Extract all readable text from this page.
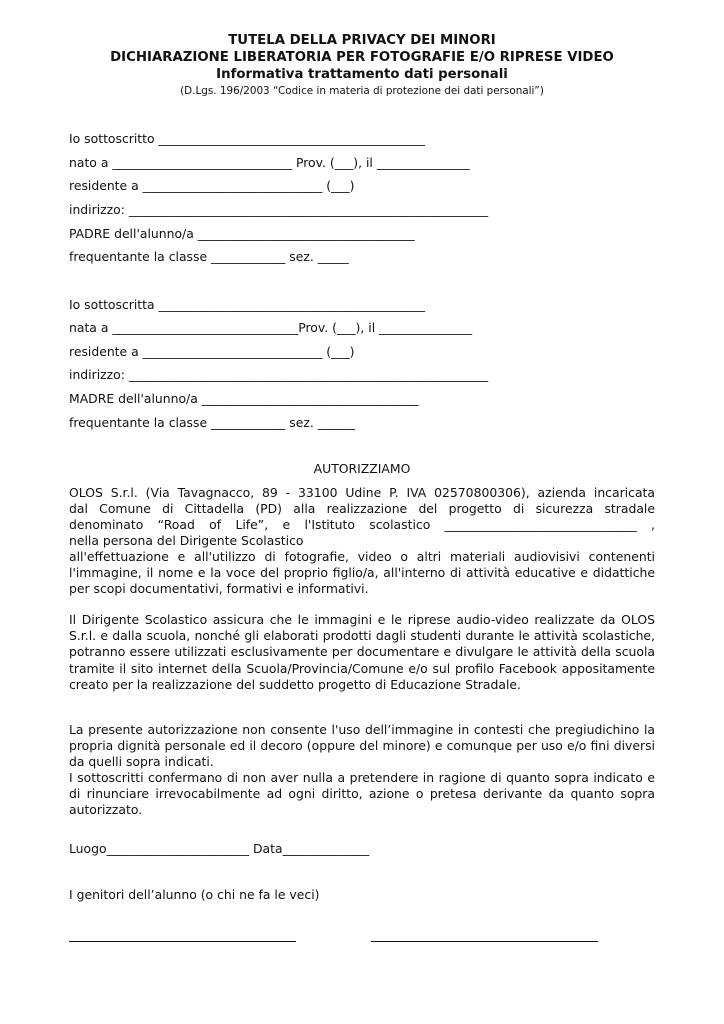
TUTELA DELLA PRIVACY DEI MINORI
DICHIARAZIONE LIBERATORIA PER FOTOGRAFIE E/O RIPRESE VIDEO
Informativa trattamento dati personali
(D.Lgs. 196/2003 “Codice in materia di protezione dei dati personali”)
Io sottoscritto ___________________________________________
nato a _____________________________ Prov. (___), il _______________
residente a _____________________________ (___)
indirizzo: __________________________________________________________
PADRE dell'alunno/a ___________________________________
frequentante la classe ____________ sez. _____
Io sottoscritta ___________________________________________
nata a ______________________________Prov. (___), il _______________
residente a _____________________________ (___)
indirizzo: __________________________________________________________
MADRE dell'alunno/a ___________________________________
frequentante la classe ____________ sez. ______
AUTORIZZIAMO
OLOS S.r.l. (Via Tavagnacco, 89 - 33100 Udine P. IVA 02570800306), azienda incaricata
dal Comune di Cittadella (PD) alla realizzazione del progetto di sicurezza stradale
denominato “Road of Life”, e l'Istituto scolastico _______________________________ ,
nella persona del Dirigente Scolastico
all'effettuazione e all'utilizzo di fotografie, video o altri materiali audiovisivi contenenti l'immagine, il nome e la voce del proprio figlio/a, all'interno di attività educative e didattiche per scopi documentativi, formativi e informativi.
Il Dirigente Scolastico assicura che le immagini e le riprese audio-video realizzate da OLOS S.r.l. e dalla scuola, nonché gli elaborati prodotti dagli studenti durante le attività scolastiche, potranno essere utilizzati esclusivamente per documentare e divulgare le attività della scuola tramite il sito internet della Scuola/Provincia/Comune e/o sul profilo Facebook appositamente creato per la realizzazione del suddetto progetto di Educazione Stradale.
La presente autorizzazione non consente l'uso dell’immagine in contesti che pregiudichino la propria dignità personale ed il decoro (oppure del minore) e comunque per uso e/o fini diversi da quelli sopra indicati.
I sottoscritti confermano di non aver nulla a pretendere in ragione di quanto sopra indicato e di rinunciare irrevocabilmente ad ogni diritto, azione o pretesa derivante da quanto sopra autorizzato.
Luogo_______________________ Data______________
I genitori dell’alunno (o chi ne fa le veci)
